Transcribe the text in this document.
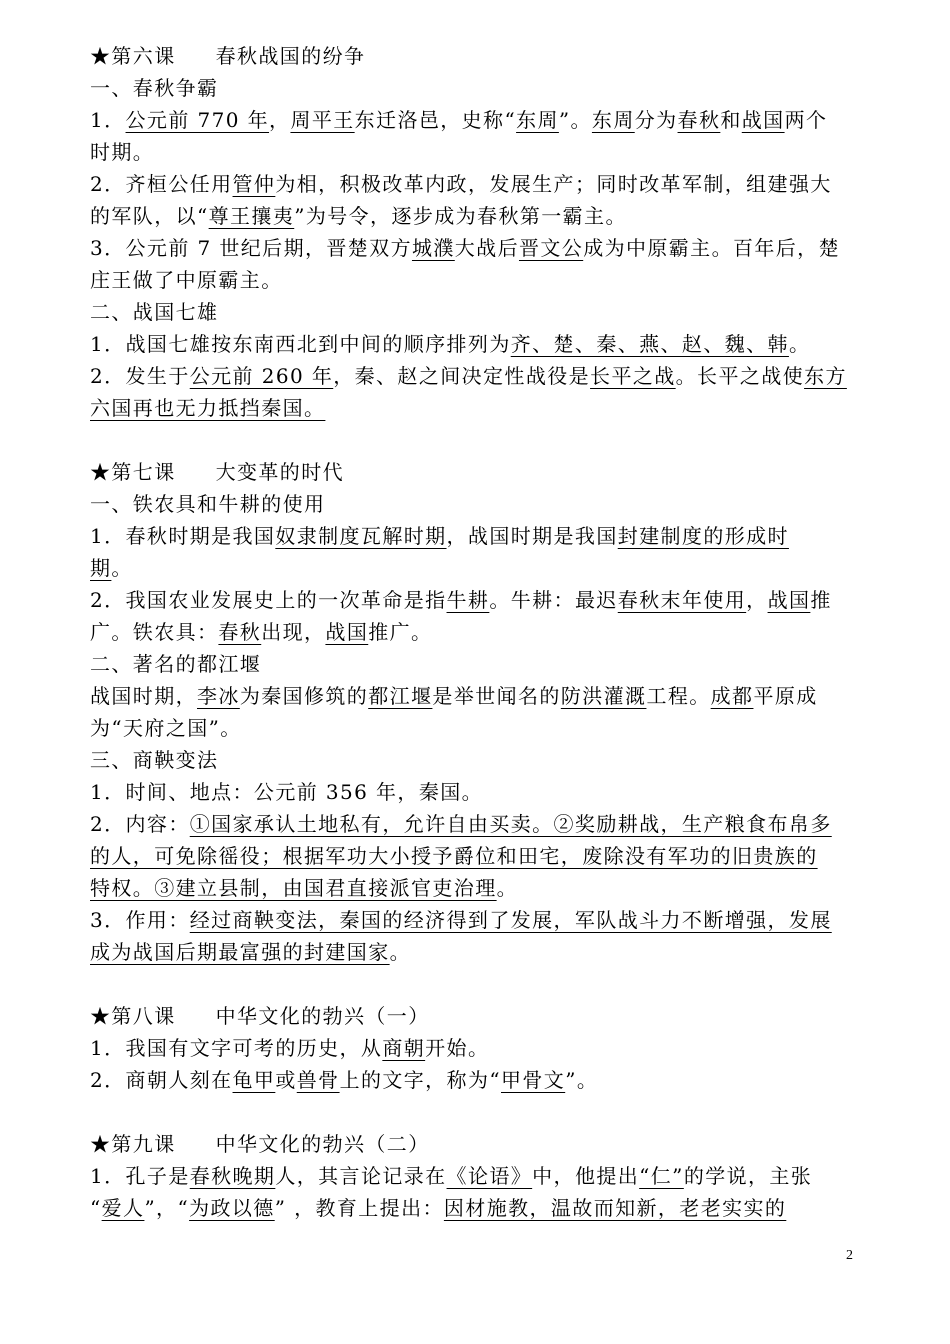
★第六课 春秋战国的纷争
一、春秋争霸
1．公元前 770 年，周平王东迁洛邑，史称“东周”。东周分为春秋和战国两个
时期。
2．齐桓公任用管仲为相，积极改革内政，发展生产；同时改革军制，组建强大
的军队，以“尊王攘夷”为号令，逐步成为春秋第一霸主。
3．公元前 7 世纪后期，晋楚双方城濮大战后晋文公成为中原霸主。百年后，楚
庄王做了中原霸主。
二、战国七雄
1．战国七雄按东南西北到中间的顺序排列为齐、楚、秦、燕、赵、魏、韩。
2．发生于公元前 260 年，秦、赵之间决定性战役是长平之战。长平之战使东方
六国再也无力抵挡秦国。
★第七课 大变革的时代
一、铁农具和牛耕的使用
1．春秋时期是我国奴隶制度瓦解时期，战国时期是我国封建制度的形成时
期。
2．我国农业发展史上的一次革命是指牛耕。牛耕：最迟春秋末年使用，战国推
广。铁农具：春秋出现，战国推广。
二、著名的都江堰
战国时期，李冰为秦国修筑的都江堰是举世闻名的防洪灌溉工程。成都平原成
为“天府之国”。
三、商鞅变法
1．时间、地点：公元前 356 年，秦国。
2．内容：①国家承认土地私有，允许自由买卖。②奖励耕战，生产粮食布帛多
的人，可免除徭役；根据军功大小授予爵位和田宅，废除没有军功的旧贵族的
特权。③建立县制，由国君直接派官吏治理。
3．作用：经过商鞅变法，秦国的经济得到了发展，军队战斗力不断增强，发展
成为战国后期最富强的封建国家。
★第八课 中华文化的勃兴（一）
1．我国有文字可考的历史，从商朝开始。
2．商朝人刻在龟甲或兽骨上的文字，称为“甲骨文”。
★第九课 中华文化的勃兴（二）
1．孔子是春秋晚期人，其言论记录在《论语》中，他提出“仁”的学说，主张
“爱人”，“为政以德” ，教育上提出：因材施教，温故而知新，老老实实的
2
